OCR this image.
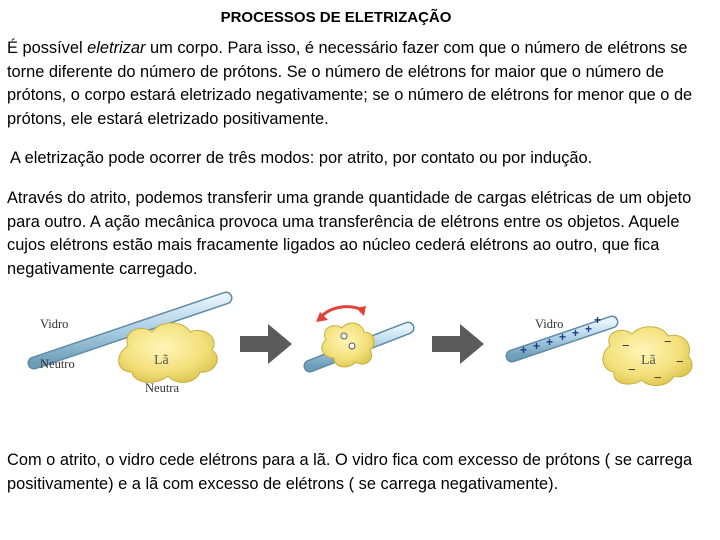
PROCESSOS DE ELETRIZAÇÃO

É possível eletrizar um corpo. Para isso, é necessário fazer com que o número de elétrons se torne diferente do número de prótons. Se o número de elétrons for maior que o número de prótons, o corpo estará eletrizado negativamente; se o número de elétrons for menor que o de prótons, ele estará eletrizado positivamente.

A eletrização pode ocorrer de três modos: por atrito, por contato ou por indução.

Através do atrito, podemos transferir uma grande quantidade de cargas elétricas de um objeto para outro. A ação mecânica provoca uma transferência de elétrons entre os objetos. Aquele cujos elétrons estão mais fracamente ligados ao núcleo cederá elétrons ao outro, que fica negativamente carregado.

Vidro
Neutro	Lã
Neutra
Vidro
+ + + + + +
+
Lã
−	−
−
−
−

Com o atrito, o vidro cede elétrons para a lã. O vidro fica com excesso de prótons ( se carrega positivamente) e a lã com excesso de elétrons ( se carrega negativamente).
